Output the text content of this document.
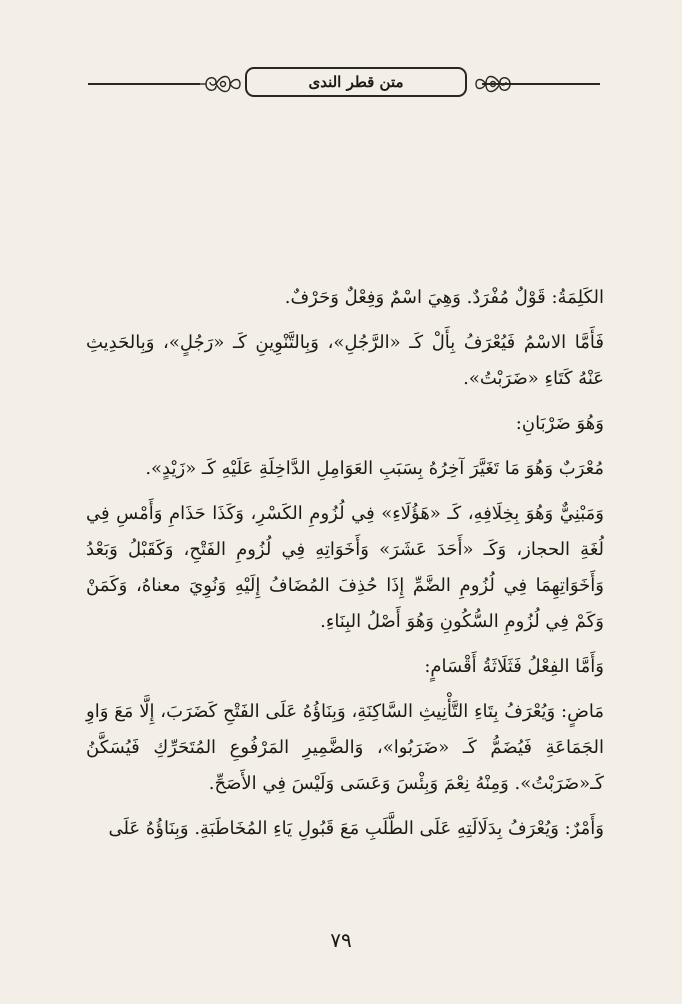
متن قطر الندى

الكَلِمَةُ: قَوْلٌ مُفْرَدٌ. وَهِيَ اسْمٌ وَفِعْلٌ وَحَرْفٌ.

فَأَمَّا الاسْمُ فَيُعْرَفُ بِأَلْ كَـ «الرَّجُلِ»، وَبِالتَّنْوِينِ كَـ «رَجُلٍ»، وَبِالحَدِيثِ عَنْهُ كَتَاءِ «ضَرَبْتُ».

وَهُوَ ضَرْبَانِ:

مُعْرَبٌ وَهُوَ مَا تَغَيَّرَ آخِرُهُ بِسَبَبِ العَوَامِلِ الدَّاخِلَةِ عَلَيْهِ كَـ «زَيْدٍ».

وَمَبْنِيٌّ وَهُوَ بِخِلَافِهِ، كَـ «هَؤُلَاءِ» فِي لُزُومِ الكَسْرِ، وَكَذَا حَذَامِ وَأَمْسِ فِي لُغَةِ الحجاز، وَكَـ «أَحَدَ عَشَرَ» وَأَخَوَاتِهِ فِي لُزُومِ الفَتْحِ، وَكَقَبْلُ وَبَعْدُ وَأَخَوَاتِهِمَا فِي لُزُومِ الضَّمِّ إِذَا حُذِفَ المُضَافُ إِلَيْهِ وَنُوِيَ معناهُ، وَكَمَنْ وَكَمْ فِي لُزُومِ السُّكُونِ وَهُوَ أَصْلُ البِنَاءِ.

وَأَمَّا الفِعْلُ فَثَلَاثَةُ أَقْسَامٍ:

مَاضٍ: وَيُعْرَفُ بِتَاءِ التَّأْنِيثِ السَّاكِنَةِ، وَبِنَاؤُهُ عَلَى الفَتْحِ كَضَرَبَ، إِلَّا مَعَ وَاوِ الجَمَاعَةِ فَيُضَمُّ كَـ «ضَرَبُوا»، وَالضَّمِيرِ المَرْفُوعِ المُتَحَرِّكِ فَيُسَكَّنُ كَـ«ضَرَبْتُ». وَمِنْهُ نِعْمَ وَبِئْسَ وَعَسَى وَلَيْسَ فِي الأَصَحِّ.

وَأَمْرٌ: وَيُعْرَفُ بِدَلَالَتِهِ عَلَى الطَّلَبِ مَعَ قَبُولِ يَاءِ المُخَاطَبَةِ. وَبِنَاؤُهُ عَلَى

٧٩
